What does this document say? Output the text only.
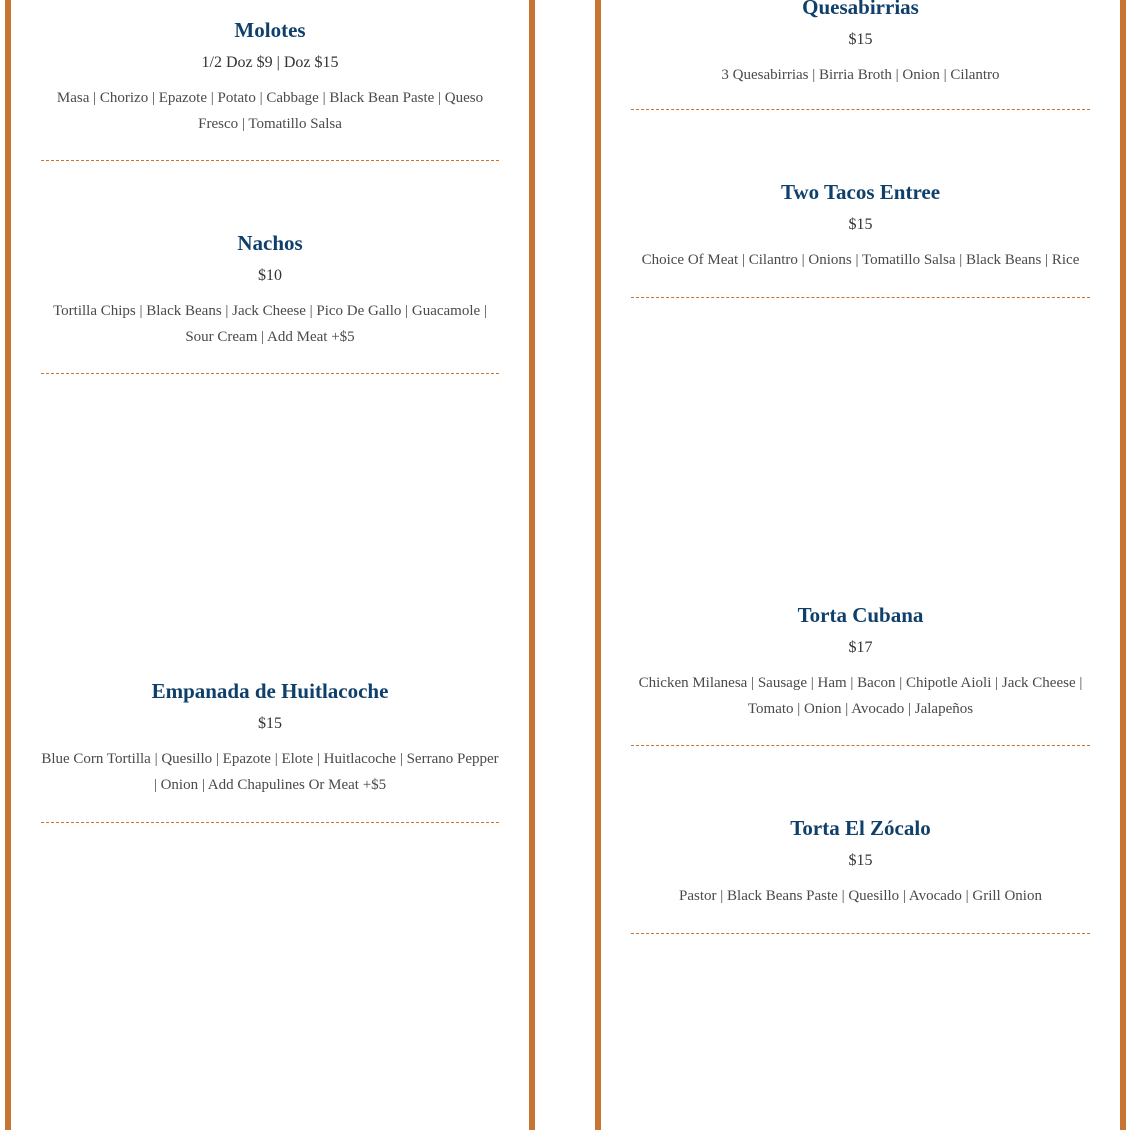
Molotes
1/2 Doz $9 | Doz $15
Masa | Chorizo | Epazote | Potato | Cabbage | Black Bean Paste | Queso Fresco | Tomatillo Salsa
Nachos
$10
Tortilla Chips | Black Beans | Jack Cheese | Pico De Gallo | Guacamole | Sour Cream | Add Meat +$5
Empanada de Huitlacoche
$15
Blue Corn Tortilla | Quesillo | Epazote | Elote | Huitlacoche | Serrano Pepper | Onion | Add Chapulines Or Meat +$5
Quesabirrias
$15
3 Quesabirrias | Birria Broth | Onion | Cilantro
Two Tacos Entree
$15
Choice Of Meat | Cilantro | Onions | Tomatillo Salsa | Black Beans | Rice
Torta Cubana
$17
Chicken Milanesa | Sausage | Ham | Bacon | Chipotle Aioli | Jack Cheese | Tomato | Onion | Avocado | Jalapeños
Torta El Zócalo
$15
Pastor | Black Beans Paste | Quesillo | Avocado | Grill Onion
